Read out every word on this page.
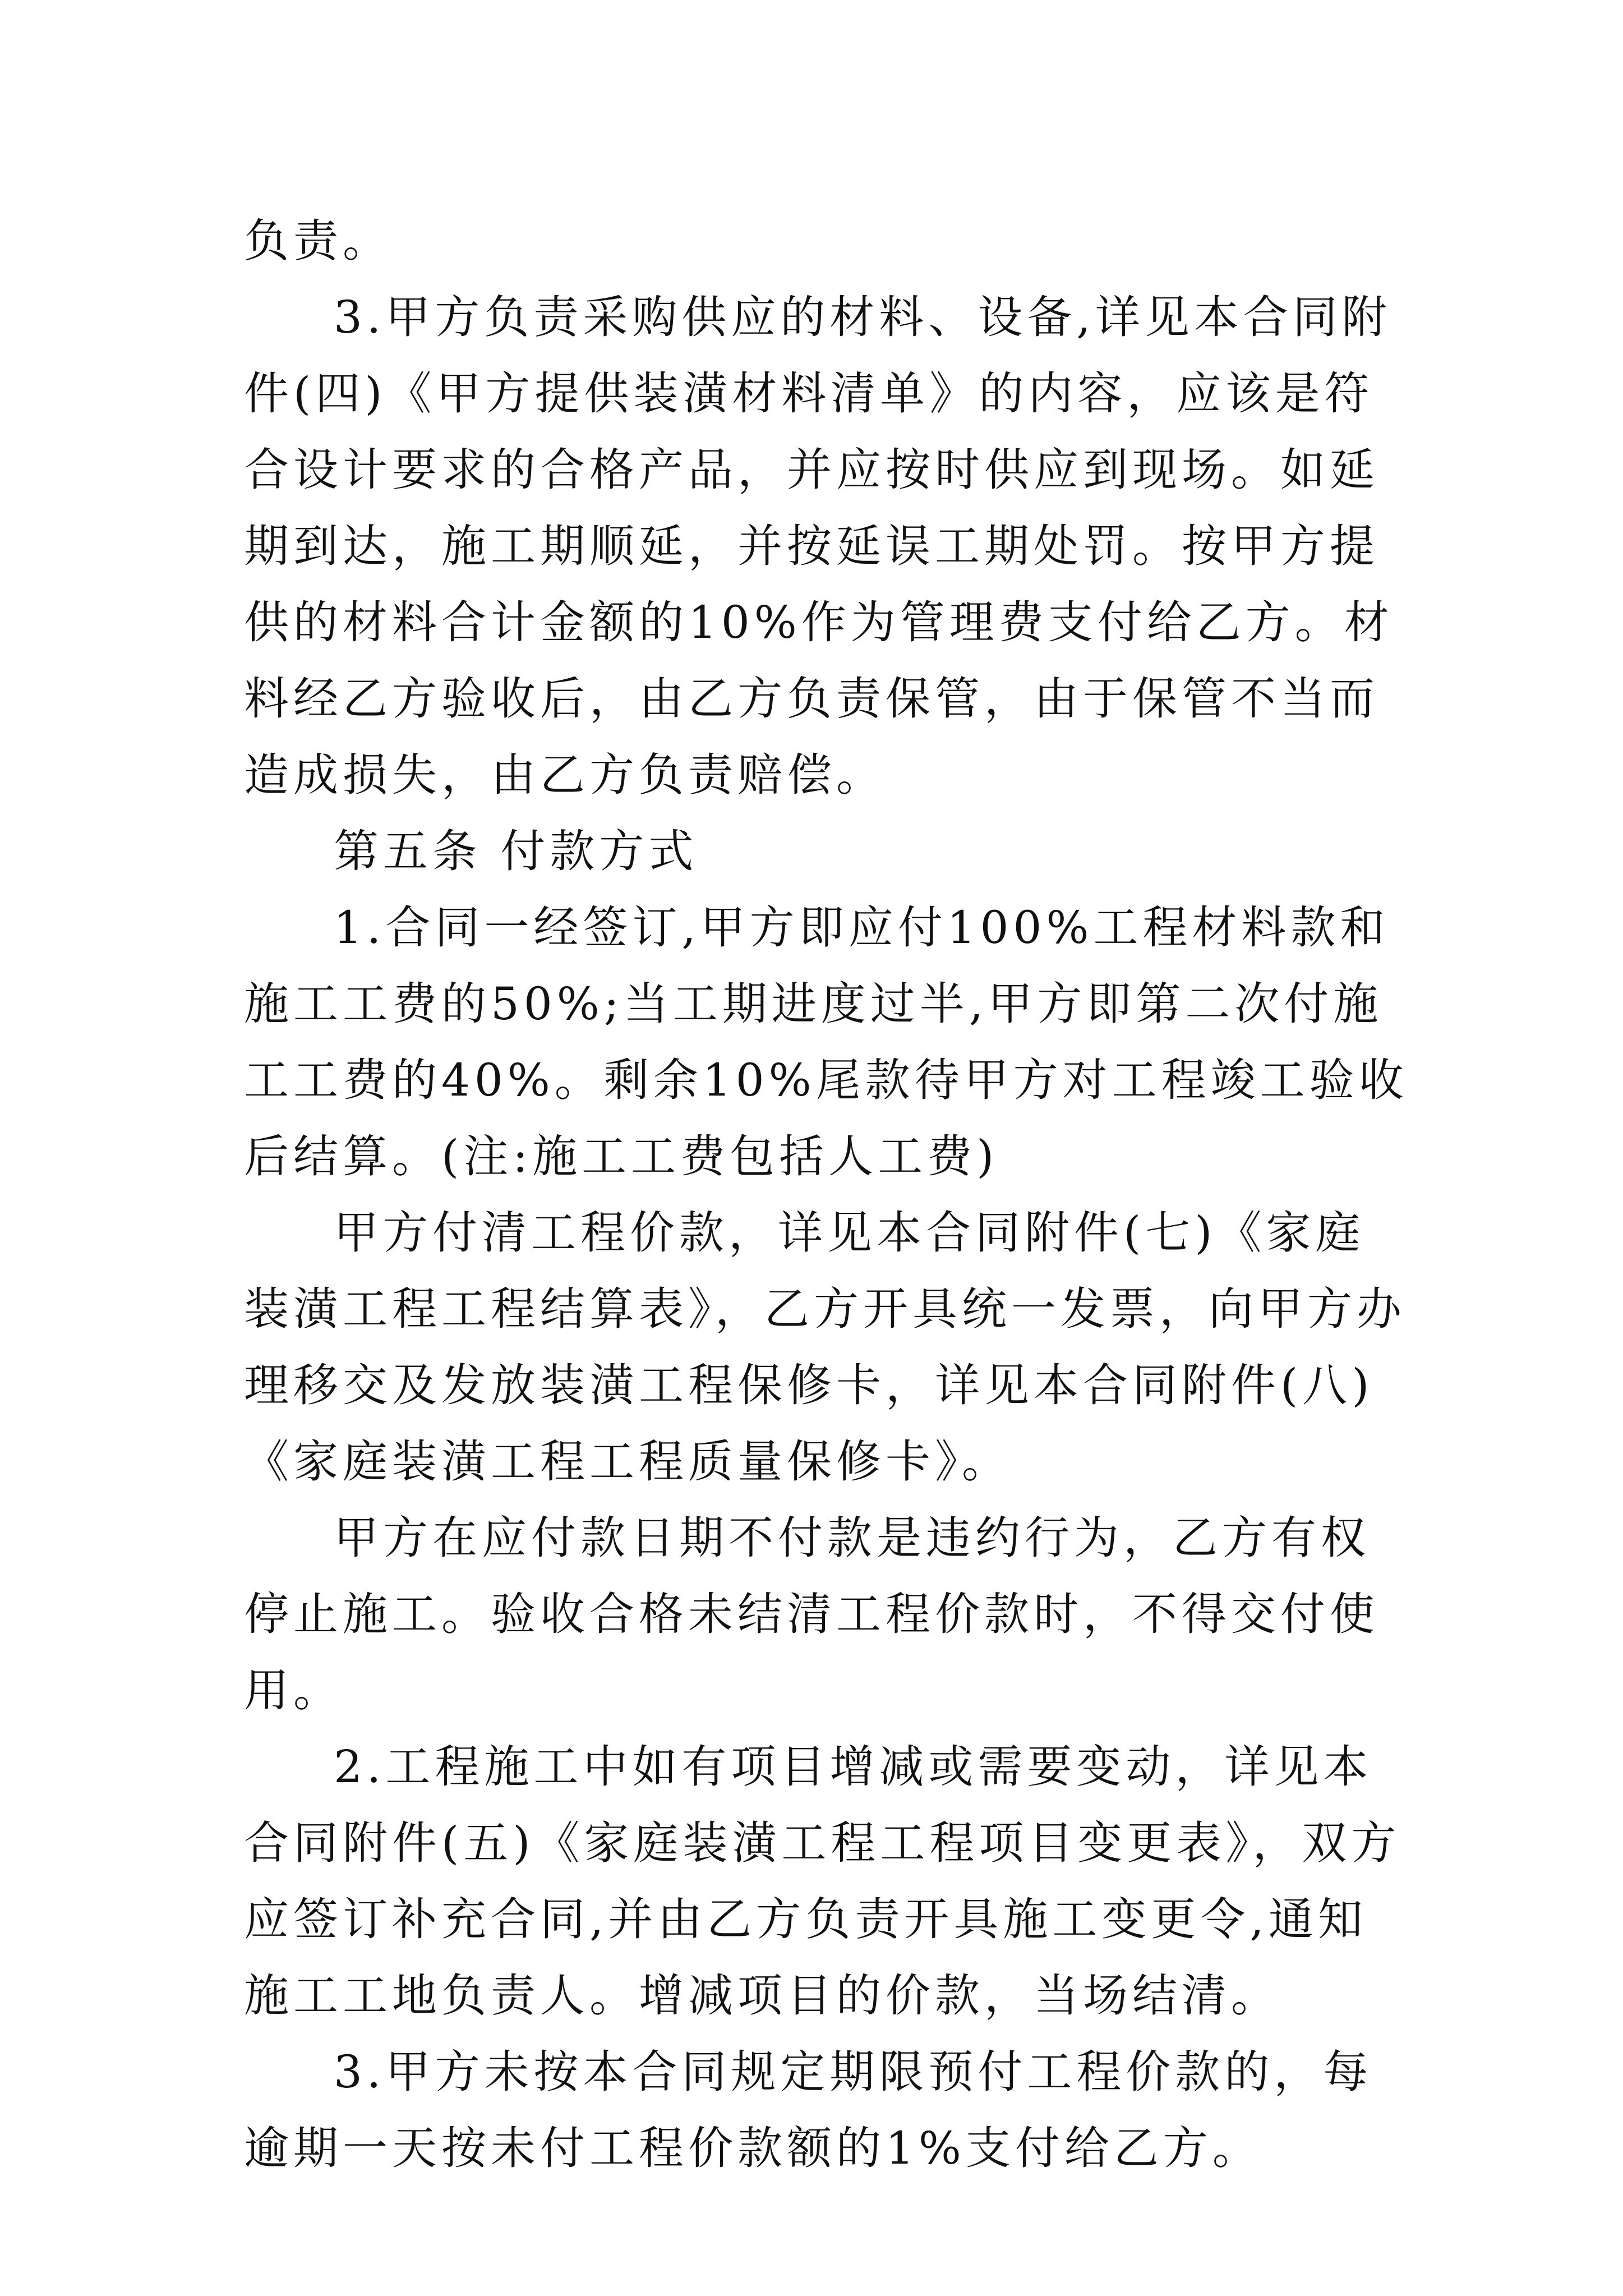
负责。

3.甲方负责采购供应的材料、设备,详见本合同附件(四)《甲方提供装潢材料清单》的内容，应该是符合设计要求的合格产品，并应按时供应到现场。如延期到达，施工期顺延，并按延误工期处罚。按甲方提供的材料合计金额的10%作为管理费支付给乙方。材料经乙方验收后，由乙方负责保管，由于保管不当而造成损失，由乙方负责赔偿。

第五条 付款方式

1.合同一经签订,甲方即应付100%工程材料款和施工工费的50%;当工期进度过半,甲方即第二次付施工工费的40%。剩余10%尾款待甲方对工程竣工验收后结算。(注:施工工费包括人工费)

甲方付清工程价款，详见本合同附件(七)《家庭装潢工程工程结算表》，乙方开具统一发票，向甲方办理移交及发放装潢工程保修卡，详见本合同附件(八)《家庭装潢工程工程质量保修卡》。

甲方在应付款日期不付款是违约行为，乙方有权停止施工。验收合格未结清工程价款时，不得交付使用。

2.工程施工中如有项目增减或需要变动，详见本合同附件(五)《家庭装潢工程工程项目变更表》，双方应签订补充合同,并由乙方负责开具施工变更令,通知施工工地负责人。增减项目的价款，当场结清。

3.甲方未按本合同规定期限预付工程价款的，每逾期一天按未付工程价款额的1%支付给乙方。
